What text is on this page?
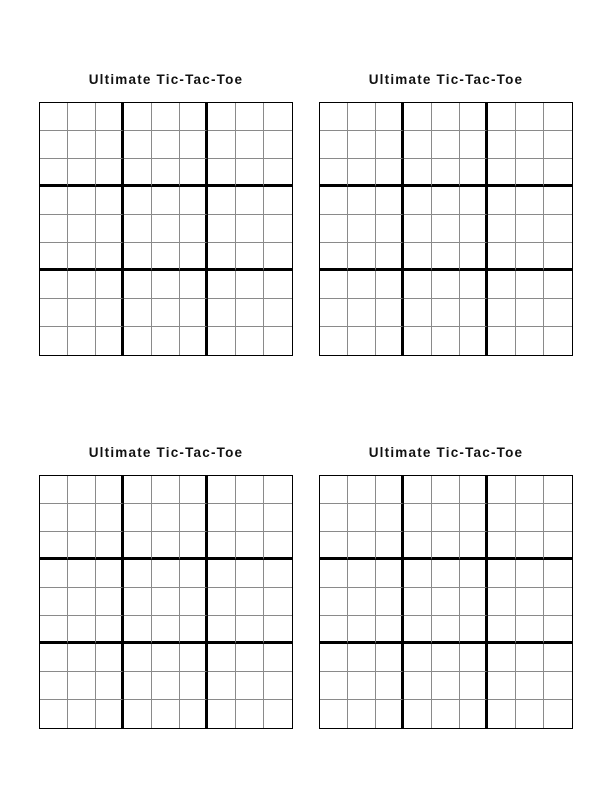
Ultimate Tic-Tac-Toe	Ultimate Tic-Tac-Toe
Ultimate Tic-Tac-Toe	Ultimate Tic-Tac-Toe
